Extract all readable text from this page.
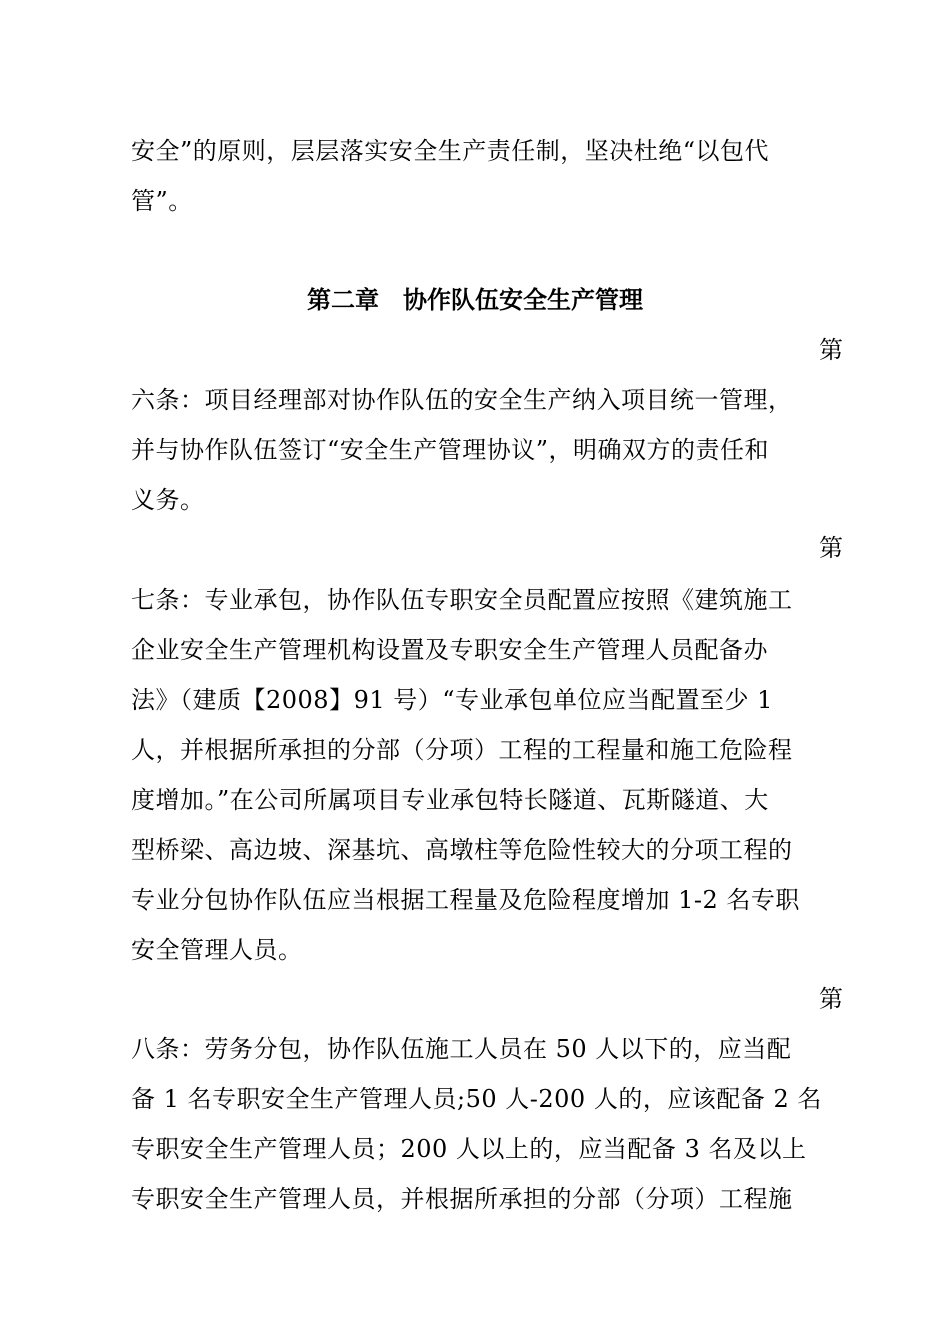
安全”的原则，层层落实安全生产责任制，坚决杜绝“以包代
管”。
第二章　协作队伍安全生产管理
第
六条：项目经理部对协作队伍的安全生产纳入项目统一管理，
并与协作队伍签订“安全生产管理协议”，明确双方的责任和
义务。
第
七条：专业承包，协作队伍专职安全员配置应按照《建筑施工
企业安全生产管理机构设置及专职安全生产管理人员配备办
法》（建质【2008】91 号）“专业承包单位应当配置至少 1
人，并根据所承担的分部（分项）工程的工程量和施工危险程
度增加。”在公司所属项目专业承包特长隧道、瓦斯隧道、大
型桥梁、高边坡、深基坑、高墩柱等危险性较大的分项工程的
专业分包协作队伍应当根据工程量及危险程度增加 1-2 名专职
安全管理人员。
第
八条：劳务分包，协作队伍施工人员在 50 人以下的，应当配
备 1 名专职安全生产管理人员;50 人-200 人的，应该配备 2 名
专职安全生产管理人员；200 人以上的，应当配备 3 名及以上
专职安全生产管理人员，并根据所承担的分部（分项）工程施
